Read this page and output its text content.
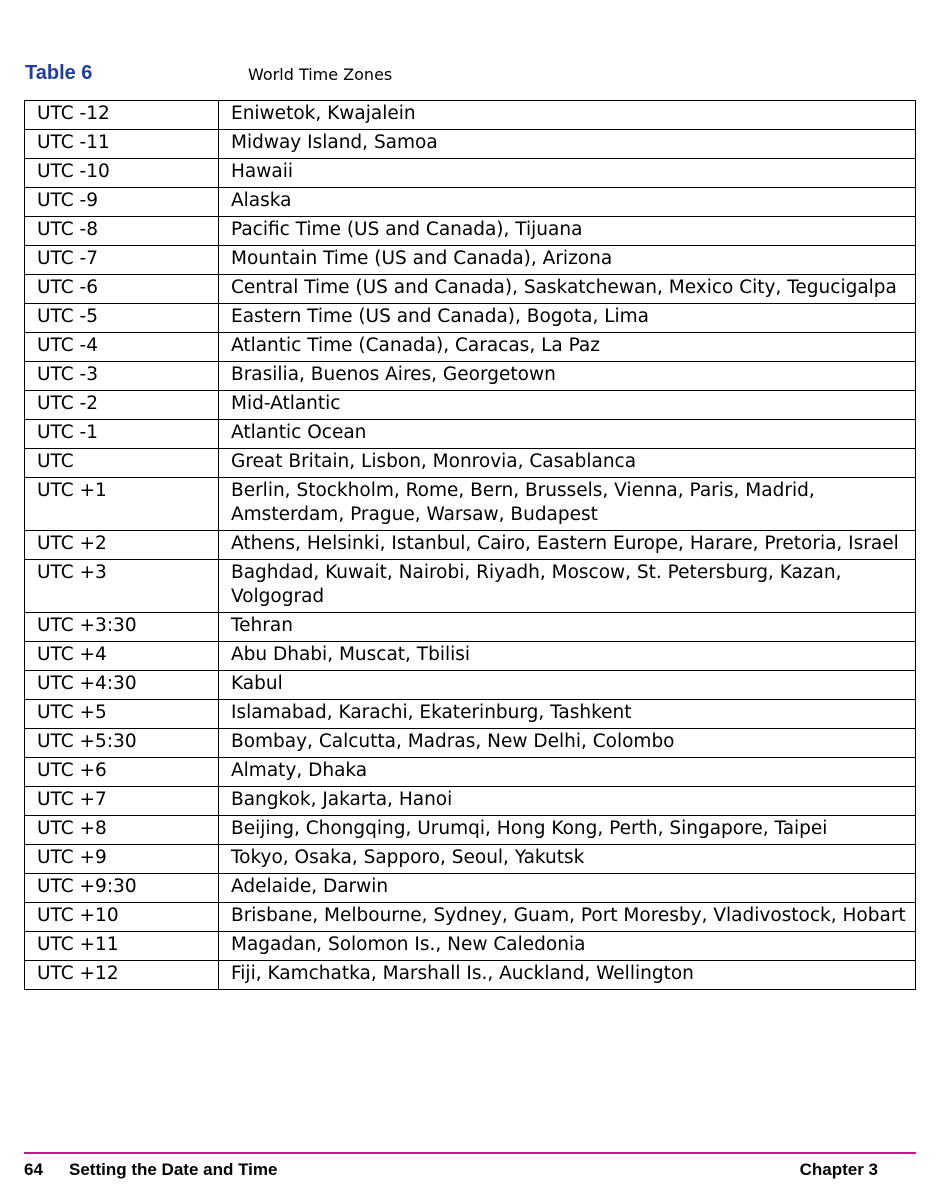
Table 6	World Time Zones
UTC -12	Eniwetok, Kwajalein
UTC -11	Midway Island, Samoa
UTC -10	Hawaii
UTC -9	Alaska
UTC -8	Pacific Time (US and Canada), Tijuana
UTC -7	Mountain Time (US and Canada), Arizona
UTC -6	Central Time (US and Canada), Saskatchewan, Mexico City, Tegucigalpa
UTC -5	Eastern Time (US and Canada), Bogota, Lima
UTC -4	Atlantic Time (Canada), Caracas, La Paz
UTC -3	Brasilia, Buenos Aires, Georgetown
UTC -2	Mid-Atlantic
UTC -1	Atlantic Ocean
UTC	Great Britain, Lisbon, Monrovia, Casablanca
UTC +1	Berlin, Stockholm, Rome, Bern, Brussels, Vienna, Paris, Madrid, Amsterdam, Prague, Warsaw, Budapest
UTC +2	Athens, Helsinki, Istanbul, Cairo, Eastern Europe, Harare, Pretoria, Israel
UTC +3	Baghdad, Kuwait, Nairobi, Riyadh, Moscow, St. Petersburg, Kazan, Volgograd
UTC +3:30	Tehran
UTC +4	Abu Dhabi, Muscat, Tbilisi
UTC +4:30	Kabul
UTC +5	Islamabad, Karachi, Ekaterinburg, Tashkent
UTC +5:30	Bombay, Calcutta, Madras, New Delhi, Colombo
UTC +6	Almaty, Dhaka
UTC +7	Bangkok, Jakarta, Hanoi
UTC +8	Beijing, Chongqing, Urumqi, Hong Kong, Perth, Singapore, Taipei
UTC +9	Tokyo, Osaka, Sapporo, Seoul, Yakutsk
UTC +9:30	Adelaide, Darwin
UTC +10	Brisbane, Melbourne, Sydney, Guam, Port Moresby, Vladivostock, Hobart
UTC +11	Magadan, Solomon Is., New Caledonia
UTC +12	Fiji, Kamchatka, Marshall Is., Auckland, Wellington
64 Setting the Date and Time	Chapter 3
